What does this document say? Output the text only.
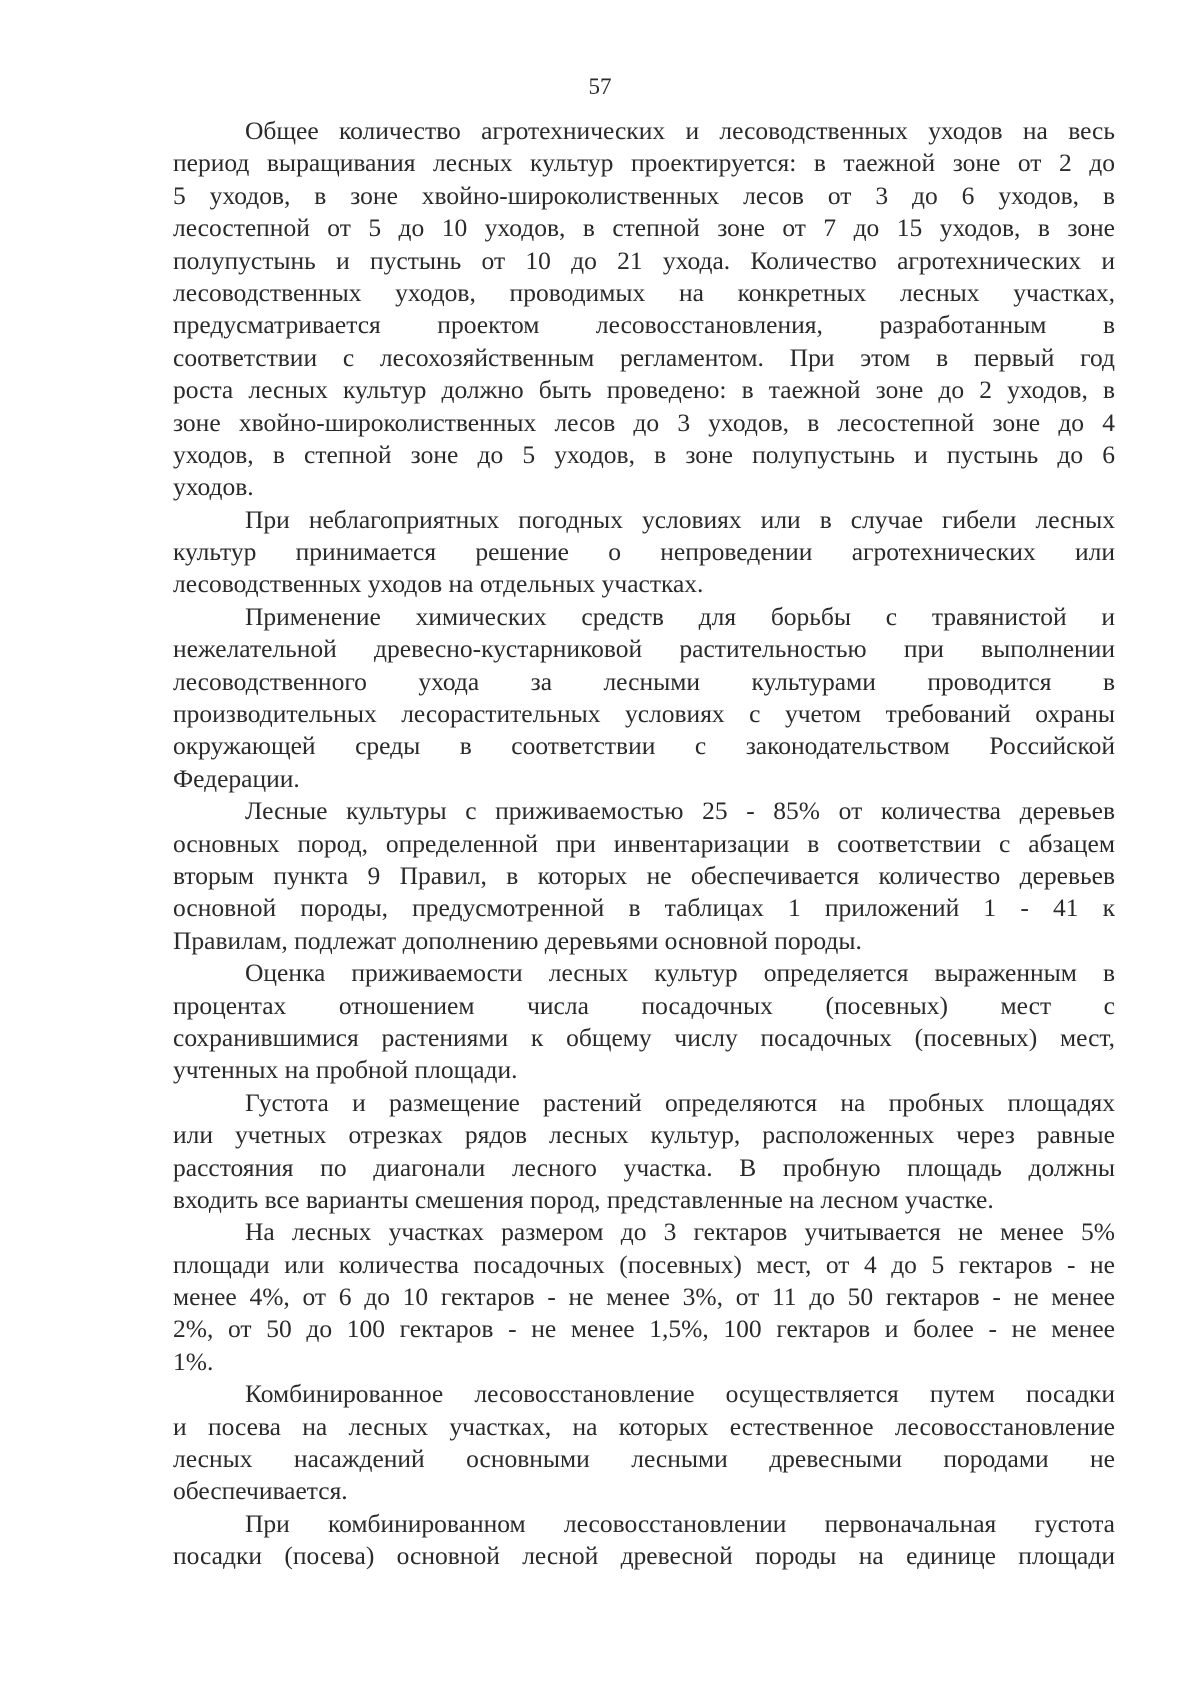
57
Общее количество агротехнических и лесоводственных уходов на весь
период выращивания лесных культур проектируется: в таежной зоне от 2 до
5 уходов, в зоне хвойно-широколиственных лесов от 3 до 6 уходов, в
лесостепной от 5 до 10 уходов, в степной зоне от 7 до 15 уходов, в зоне
полупустынь и пустынь от 10 до 21 ухода. Количество агротехнических и
лесоводственных уходов, проводимых на конкретных лесных участках,
предусматривается проектом лесовосстановления, разработанным в
соответствии с лесохозяйственным регламентом. При этом в первый год
роста лесных культур должно быть проведено: в таежной зоне до 2 уходов, в
зоне хвойно-широколиственных лесов до 3 уходов, в лесостепной зоне до 4
уходов, в степной зоне до 5 уходов, в зоне полупустынь и пустынь до 6
уходов.
При неблагоприятных погодных условиях или в случае гибели лесных
культур принимается решение о непроведении агротехнических или
лесоводственных уходов на отдельных участках.
Применение химических средств для борьбы с травянистой и
нежелательной древесно-кустарниковой растительностью при выполнении
лесоводственного ухода за лесными культурами проводится в
производительных лесорастительных условиях с учетом требований охраны
окружающей среды в соответствии с законодательством Российской
Федерации.
Лесные культуры с приживаемостью 25 - 85% от количества деревьев
основных пород, определенной при инвентаризации в соответствии с абзацем
вторым пункта 9 Правил, в которых не обеспечивается количество деревьев
основной породы, предусмотренной в таблицах 1 приложений 1 - 41 к
Правилам, подлежат дополнению деревьями основной породы.
Оценка приживаемости лесных культур определяется выраженным в
процентах отношением числа посадочных (посевных) мест с
сохранившимися растениями к общему числу посадочных (посевных) мест,
учтенных на пробной площади.
Густота и размещение растений определяются на пробных площадях
или учетных отрезках рядов лесных культур, расположенных через равные
расстояния по диагонали лесного участка. В пробную площадь должны
входить все варианты смешения пород, представленные на лесном участке.
На лесных участках размером до 3 гектаров учитывается не менее 5%
площади или количества посадочных (посевных) мест, от 4 до 5 гектаров - не
менее 4%, от 6 до 10 гектаров - не менее 3%, от 11 до 50 гектаров - не менее
2%, от 50 до 100 гектаров - не менее 1,5%, 100 гектаров и более - не менее
1%.
Комбинированное лесовосстановление осуществляется путем посадки
и посева на лесных участках, на которых естественное лесовосстановление
лесных насаждений основными лесными древесными породами не
обеспечивается.
При комбинированном лесовосстановлении первоначальная густота
посадки (посева) основной лесной древесной породы на единице площади
